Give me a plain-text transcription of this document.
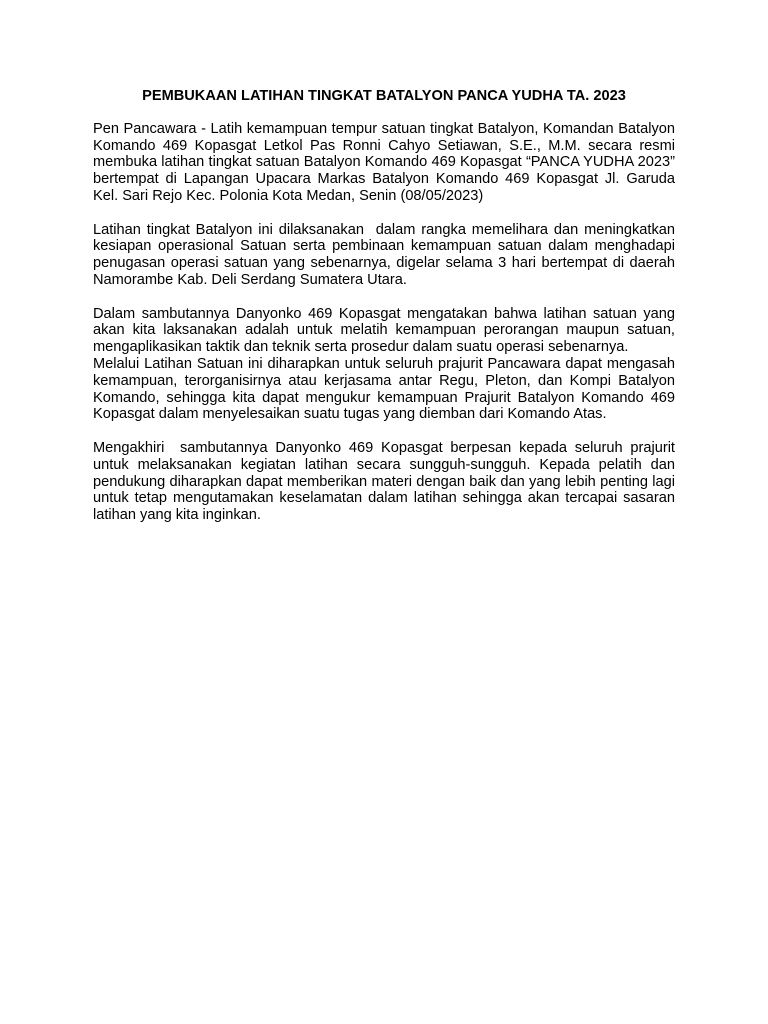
PEMBUKAAN LATIHAN TINGKAT BATALYON PANCA YUDHA TA. 2023

Pen Pancawara - Latih kemampuan tempur satuan tingkat Batalyon, Komandan Batalyon Komando 469 Kopasgat Letkol Pas Ronni Cahyo Setiawan, S.E., M.M. secara resmi membuka latihan tingkat satuan Batalyon Komando 469 Kopasgat “PANCA YUDHA 2023” bertempat di Lapangan Upacara Markas Batalyon Komando 469 Kopasgat Jl. Garuda Kel. Sari Rejo Kec. Polonia Kota Medan, Senin (08/05/2023)

Latihan tingkat Batalyon ini dilaksanakan  dalam rangka memelihara dan meningkatkan kesiapan operasional Satuan serta pembinaan kemampuan satuan dalam menghadapi penugasan operasi satuan yang sebenarnya, digelar selama 3 hari bertempat di daerah Namorambe Kab. Deli Serdang Sumatera Utara.

Dalam sambutannya Danyonko 469 Kopasgat mengatakan bahwa latihan satuan yang akan kita laksanakan adalah untuk melatih kemampuan perorangan maupun satuan, mengaplikasikan taktik dan teknik serta prosedur dalam suatu operasi sebenarnya.

Melalui Latihan Satuan ini diharapkan untuk seluruh prajurit Pancawara dapat mengasah kemampuan, terorganisirnya atau kerjasama antar Regu, Pleton, dan Kompi Batalyon Komando, sehingga kita dapat mengukur kemampuan Prajurit Batalyon Komando 469 Kopasgat dalam menyelesaikan suatu tugas yang diemban dari Komando Atas.

Mengakhiri  sambutannya Danyonko 469 Kopasgat berpesan kepada seluruh prajurit untuk melaksanakan kegiatan latihan secara sungguh-sungguh. Kepada pelatih dan pendukung diharapkan dapat memberikan materi dengan baik dan yang lebih penting lagi untuk tetap mengutamakan keselamatan dalam latihan sehingga akan tercapai sasaran latihan yang kita inginkan.
